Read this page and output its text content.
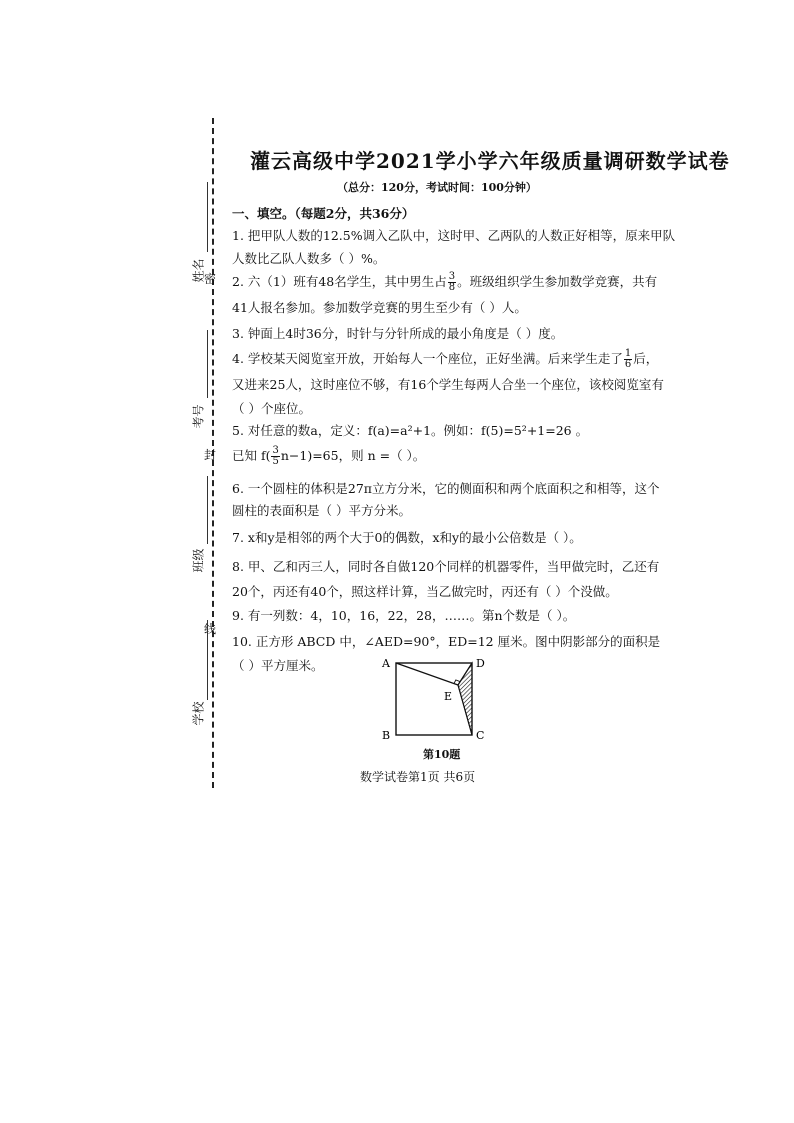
姓名
密
考号
封
班级
线
学校
灌云高级中学2021学小学六年级质量调研数学试卷
（总分：120分，考试时间：100分钟）
一、填空。（每题2分，共36分）
1. 把甲队人数的12.5%调入乙队中，这时甲、乙两队的人数正好相等，原来甲队
人数比乙队人数多（ ）%。
2. 六（1）班有48名学生，其中男生占 $\frac{3}{8}$ 。班级组织学生参加数学竞赛，共有
41人报名参加。参加数学竞赛的男生至少有（ ）人。
3. 钟面上4时36分，时针与分针所成的最小角度是（ ）度。
4. 学校某天阅览室开放，开始每人一个座位，正好坐满。后来学生走了 $\frac{1}{6}$ 后，
又进来25人，这时座位不够，有16个学生每两人合坐一个座位，该校阅览室有
（ ）个座位。
5. 对任意的数a，定义：f(a)=a²+1。例如：f(5)=5²+1=26 。
已知 $f( \frac{3}{5} n-1)=65$，则 n =（ ）。
6. 一个圆柱的体积是27π立方分米，它的侧面积和两个底面积之和相等，这个
圆柱的表面积是（ ）平方分米。
7. x和y是相邻的两个大于0的偶数，x和y的最小公倍数是（ ）。
8. 甲、乙和丙三人，同时各自做120个同样的机器零件，当甲做完时，乙还有
20个，丙还有40个，照这样计算，当乙做完时，丙还有（ ）个没做。
9. 有一列数：4，10，16，22，28，……。第n个数是（ ）。
10. 正方形 ABCD 中，∠AED=90°，ED=12 厘米。图中阴影部分的面积是
（ ）平方厘米。	A	D
E
B	C
第10题
数学试卷第1页 共6页
